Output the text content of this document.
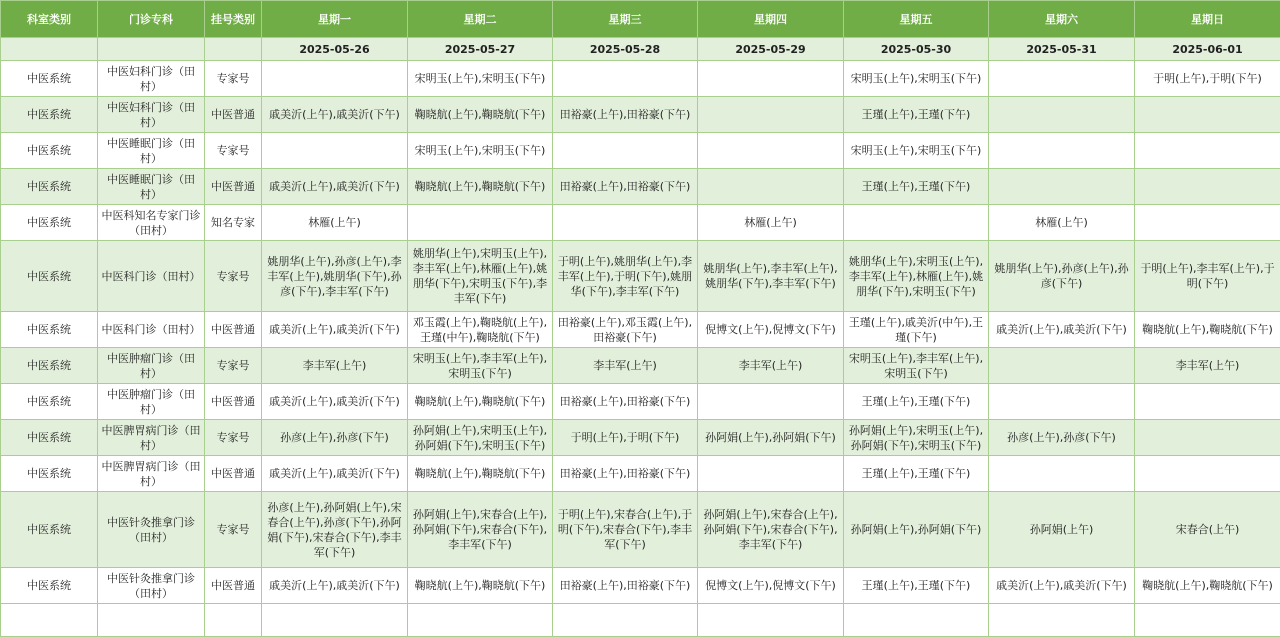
科室类别	门诊专科	挂号类别	星期一	星期二	星期三	星期四	星期五	星期六	星期日
			2025-05-26	2025-05-27	2025-05-28	2025-05-29	2025-05-30	2025-05-31	2025-06-01
中医系统	中医妇科门诊（田村）	专家号		宋明玉(上午),宋明玉(下午)			宋明玉(上午),宋明玉(下午)		于明(上午),于明(下午)
中医系统	中医妇科门诊（田村）	中医普通	戚美沂(上午),戚美沂(下午)	鞠晓航(上午),鞠晓航(下午)	田裕豪(上午),田裕豪(下午)		王瑾(上午),王瑾(下午)		
中医系统	中医睡眠门诊（田村）	专家号		宋明玉(上午),宋明玉(下午)			宋明玉(上午),宋明玉(下午)		
中医系统	中医睡眠门诊（田村）	中医普通	戚美沂(上午),戚美沂(下午)	鞠晓航(上午),鞠晓航(下午)	田裕豪(上午),田裕豪(下午)		王瑾(上午),王瑾(下午)		
中医系统	中医科知名专家门诊（田村）	知名专家	林雁(上午)			林雁(上午)		林雁(上午)	
中医系统	中医科门诊（田村）	专家号	姚朋华(上午),孙彦(上午),李丰军(上午),姚朋华(下午),孙彦(下午),李丰军(下午)	姚朋华(上午),宋明玉(上午),李丰军(上午),林雁(上午),姚朋华(下午),宋明玉(下午),李丰军(下午)	于明(上午),姚朋华(上午),李丰军(上午),于明(下午),姚朋华(下午),李丰军(下午)	姚朋华(上午),李丰军(上午),姚朋华(下午),李丰军(下午)	姚朋华(上午),宋明玉(上午),李丰军(上午),林雁(上午),姚朋华(下午),宋明玉(下午)	姚朋华(上午),孙彦(上午),孙彦(下午)	于明(上午),李丰军(上午),于明(下午)
中医系统	中医科门诊（田村）	中医普通	戚美沂(上午),戚美沂(下午)	邓玉霞(上午),鞠晓航(上午),王瑾(中午),鞠晓航(下午)	田裕豪(上午),邓玉霞(上午),田裕豪(下午)	倪博文(上午),倪博文(下午)	王瑾(上午),戚美沂(中午),王瑾(下午)	戚美沂(上午),戚美沂(下午)	鞠晓航(上午),鞠晓航(下午)
中医系统	中医肿瘤门诊（田村）	专家号	李丰军(上午)	宋明玉(上午),李丰军(上午),宋明玉(下午)	李丰军(上午)	李丰军(上午)	宋明玉(上午),李丰军(上午),宋明玉(下午)		李丰军(上午)
中医系统	中医肿瘤门诊（田村）	中医普通	戚美沂(上午),戚美沂(下午)	鞠晓航(上午),鞠晓航(下午)	田裕豪(上午),田裕豪(下午)		王瑾(上午),王瑾(下午)		
中医系统	中医脾胃病门诊（田村）	专家号	孙彦(上午),孙彦(下午)	孙阿娟(上午),宋明玉(上午),孙阿娟(下午),宋明玉(下午)	于明(上午),于明(下午)	孙阿娟(上午),孙阿娟(下午)	孙阿娟(上午),宋明玉(上午),孙阿娟(下午),宋明玉(下午)	孙彦(上午),孙彦(下午)	
中医系统	中医脾胃病门诊（田村）	中医普通	戚美沂(上午),戚美沂(下午)	鞠晓航(上午),鞠晓航(下午)	田裕豪(上午),田裕豪(下午)		王瑾(上午),王瑾(下午)		
中医系统	中医针灸推拿门诊（田村）	专家号	孙彦(上午),孙阿娟(上午),宋春合(上午),孙彦(下午),孙阿娟(下午),宋春合(下午),李丰军(下午)	孙阿娟(上午),宋春合(上午),孙阿娟(下午),宋春合(下午),李丰军(下午)	于明(上午),宋春合(上午),于明(下午),宋春合(下午),李丰军(下午)	孙阿娟(上午),宋春合(上午),孙阿娟(下午),宋春合(下午),李丰军(下午)	孙阿娟(上午),孙阿娟(下午)	孙阿娟(上午)	宋春合(上午)
中医系统	中医针灸推拿门诊（田村）	中医普通	戚美沂(上午),戚美沂(下午)	鞠晓航(上午),鞠晓航(下午)	田裕豪(上午),田裕豪(下午)	倪博文(上午),倪博文(下午)	王瑾(上午),王瑾(下午)	戚美沂(上午),戚美沂(下午)	鞠晓航(上午),鞠晓航(下午)
